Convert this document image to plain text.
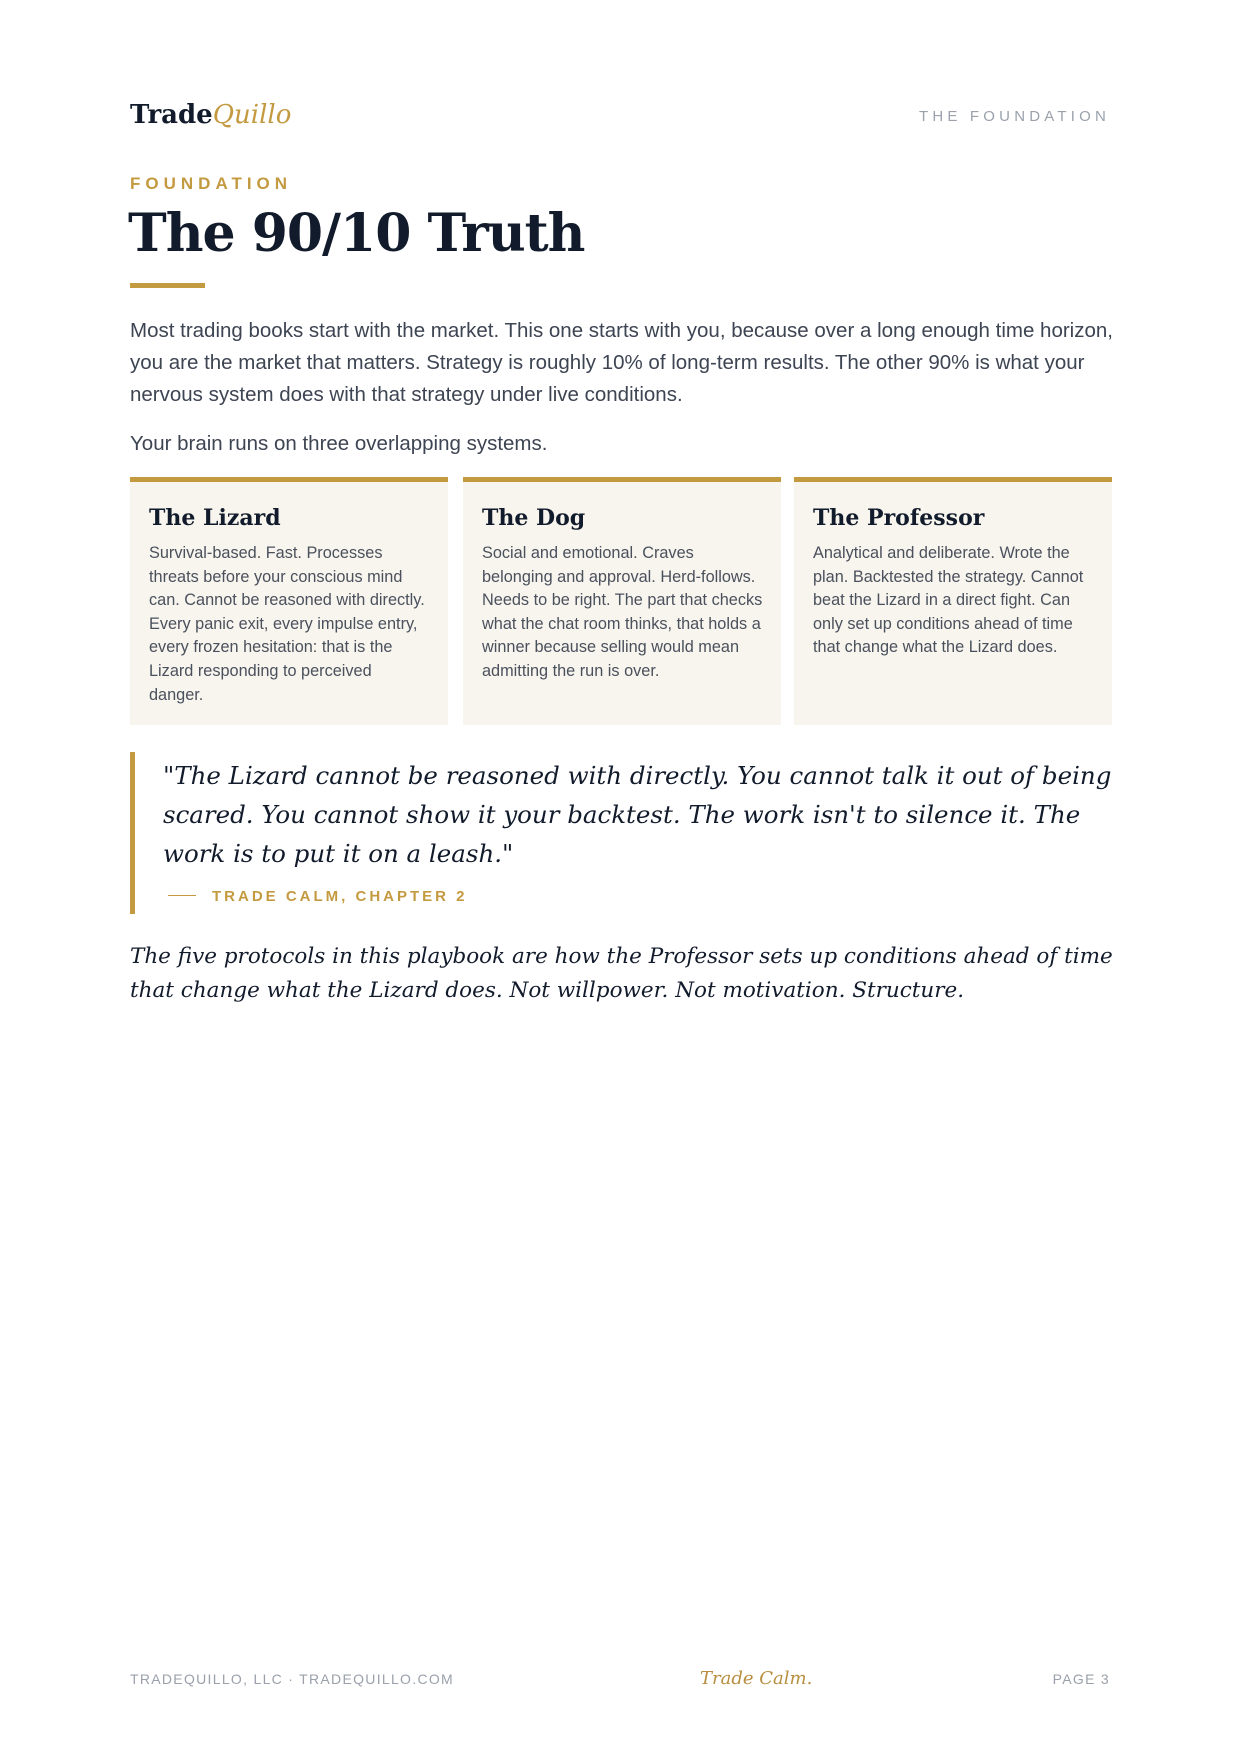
TradeQuillo	THE FOUNDATION
FOUNDATION
The 90/10 Truth

Most trading books start with the market. This one starts with you, because over a long enough time horizon, you are the market that matters. Strategy is roughly 10% of long-term results. The other 90% is what your nervous system does with that strategy under live conditions.

Your brain runs on three overlapping systems.

The Lizard
Survival-based. Fast. Processes threats before your conscious mind can. Cannot be reasoned with directly. Every panic exit, every impulse entry, every frozen hesitation: that is the Lizard responding to perceived danger.
The Dog
Social and emotional. Craves belonging and approval. Herd-follows. Needs to be right. The part that checks what the chat room thinks, that holds a winner because selling would mean admitting the run is over.
The Professor
Analytical and deliberate. Wrote the plan. Backtested the strategy. Cannot beat the Lizard in a direct fight. Can only set up conditions ahead of time that change what the Lizard does.
"The Lizard cannot be reasoned with directly. You cannot talk it out of being scared. You cannot show it your backtest. The work isn't to silence it. The work is to put it on a leash."
TRADE CALM, CHAPTER 2

The five protocols in this playbook are how the Professor sets up conditions ahead of time that change what the Lizard does. Not willpower. Not motivation. Structure.

TRADEQUILLO, LLC · TRADEQUILLO.COM	Trade Calm.	PAGE 3
